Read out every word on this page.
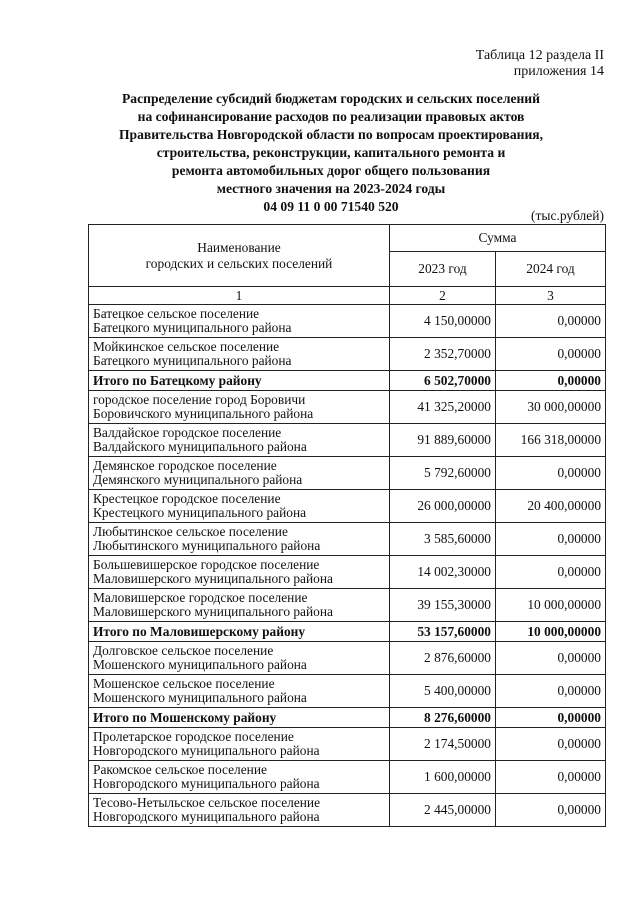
Таблица 12 раздела II
приложения 14
Распределение субсидий бюджетам городских и сельских поселений
на софинансирование расходов по реализации правовых актов
Правительства Новгородской области по вопросам проектирования,
строительства, реконструкции, капитального ремонта и
ремонта автомобильных дорог общего пользования
местного значения на 2023-2024 годы
04 09 11 0 00 71540 520
(тыс.рублей)
Наименование
городских и сельских поселений	Сумма	
	2023 год	2024 год
1	2	3

Батецкое сельское поселение
Батецкого муниципального района	4 150,00000	0,00000

Мойкинское сельское поселение
Батецкого муниципального района	2 352,70000	0,00000

Итого по Батецкому району	6 502,70000	0,00000

городское поселение город Боровичи
Боровичского муниципального района	41 325,20000	30 000,00000

Валдайское городское поселение
Валдайского муниципального района	91 889,60000	166 318,00000

Демянское городское поселение
Демянского муниципального района	5 792,60000	0,00000

Крестецкое городское поселение
Крестецкого муниципального района	26 000,00000	20 400,00000

Любытинское сельское поселение
Любытинского муниципального района	3 585,60000	0,00000

Большевишерское городское поселение
Маловишерского муниципального района	14 002,30000	0,00000

Маловишерское городское поселение
Маловишерского муниципального района	39 155,30000	10 000,00000

Итого по Маловишерскому району	53 157,60000	10 000,00000

Долговское сельское поселение
Мошенского муниципального района	2 876,60000	0,00000

Мошенское сельское поселение
Мошенского муниципального района	5 400,00000	0,00000

Итого по Мошенскому району	8 276,60000	0,00000

Пролетарское городское поселение
Новгородского муниципального района	2 174,50000	0,00000

Ракомское сельское поселение
Новгородского муниципального района	1 600,00000	0,00000

Тесово-Нетыльское сельское поселение
Новгородского муниципального района	2 445,00000	0,00000
